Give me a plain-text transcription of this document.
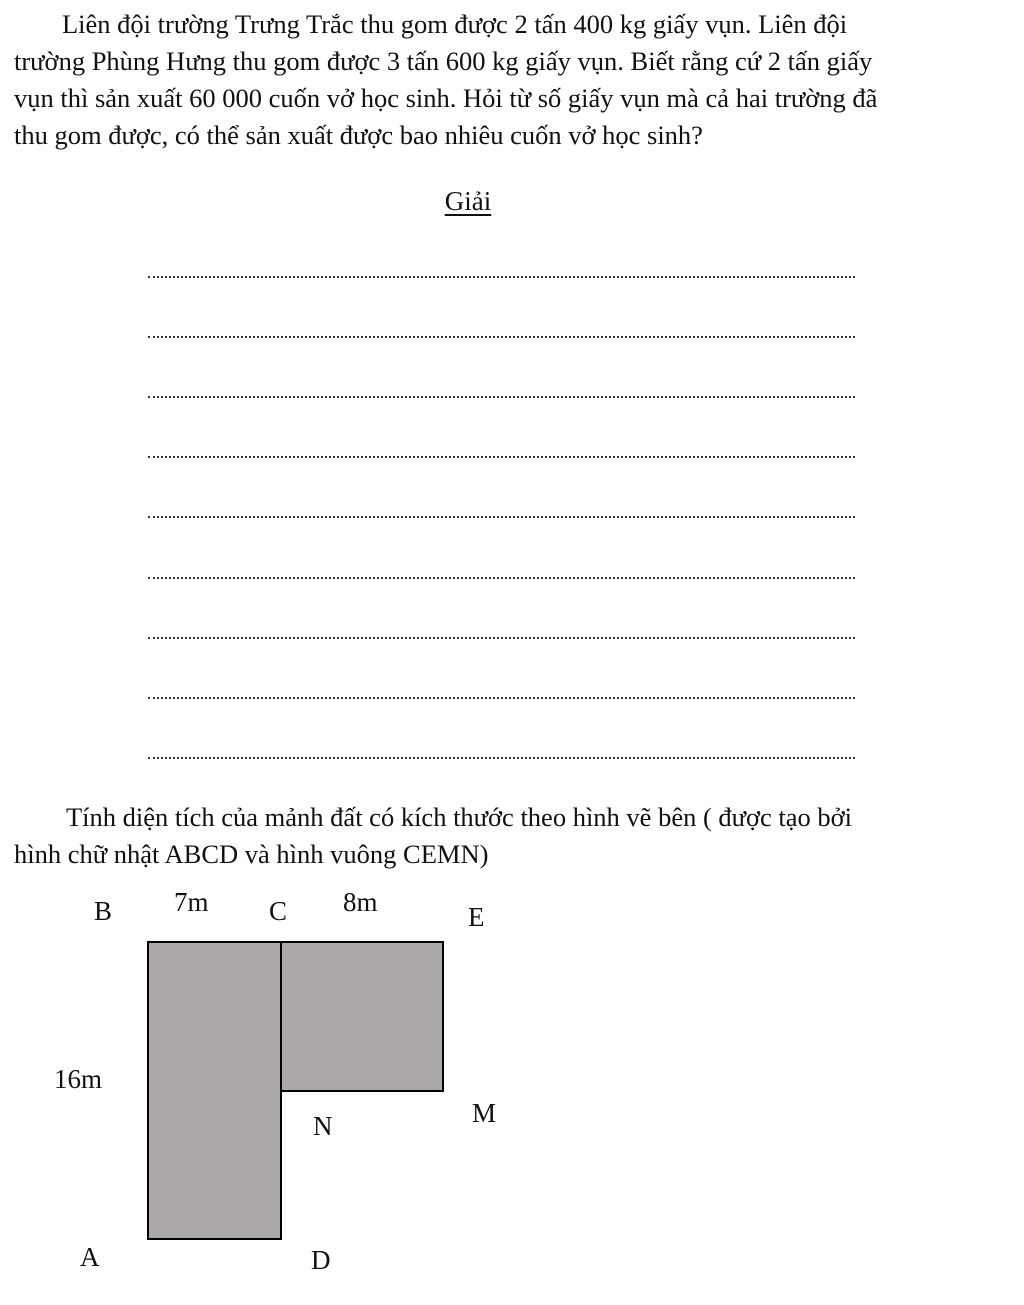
Liên đội trường Trưng Trắc thu gom được 2 tấn 400 kg giấy vụn. Liên đội
trường Phùng Hưng thu gom được 3 tấn 600 kg giấy vụn. Biết rằng cứ 2 tấn giấy
vụn thì sản xuất 60 000 cuốn vở học sinh. Hỏi từ số giấy vụn mà cả hai trường đã
thu gom được, có thể sản xuất được bao nhiêu cuốn vở học sinh?
Giải
Tính diện tích của mảnh đất có kích thước theo hình vẽ bên ( được tạo bởi
hình chữ nhật ABCD và hình vuông CEMN)
B 7m C 8m	E
16m
M
N
A	D
